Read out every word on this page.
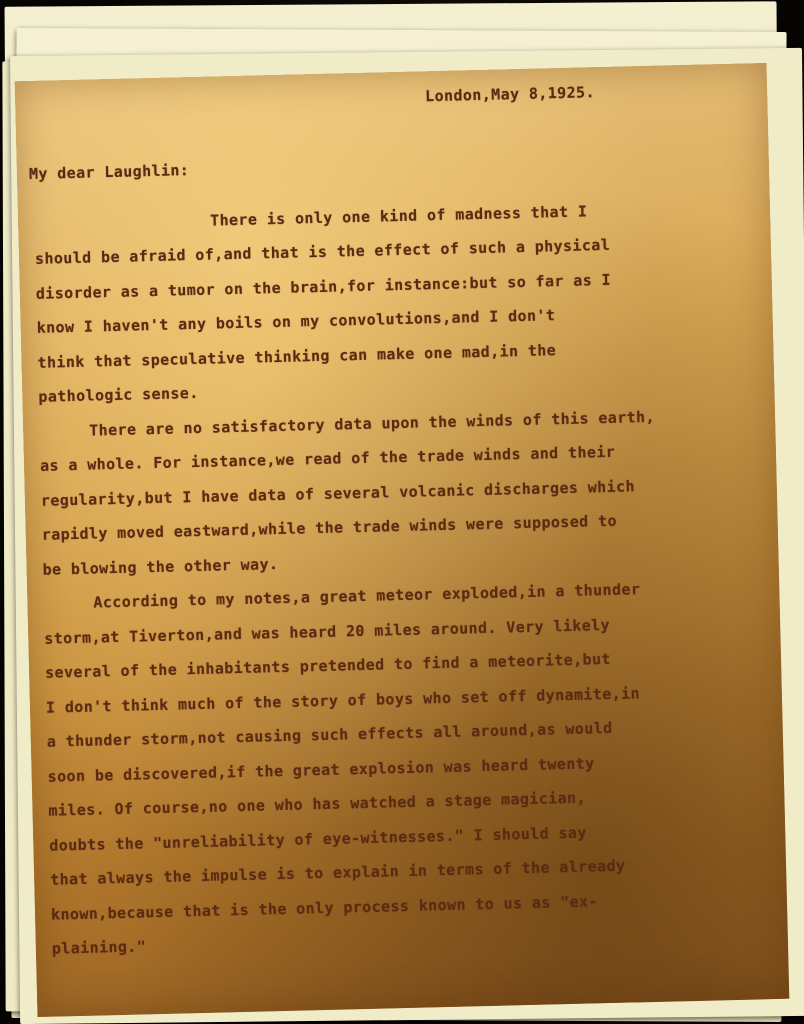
London,May 8,1925.
My dear Laughlin:
There is only one kind of madness that I
should be afraid of,and that is the effect of such a physical
disorder as a tumor on the brain,for instance:but so far as I
know I haven't any boils on my convolutions,and I don't
think that speculative thinking can make one mad,in the
pathologic sense.
There are no satisfactory data upon the winds of this earth,
as a whole. For instance,we read of the trade winds and their
regularity,but I have data of several volcanic discharges which
rapidly moved eastward,while the trade winds were supposed to
be blowing the other way.
According to my notes,a great meteor exploded,in a thunder
storm,at Tiverton,and was heard 20 miles around. Very likely
several of the inhabitants pretended to find a meteorite,but
I don't think much of the story of boys who set off dynamite,in
a thunder storm,not causing such effects all around,as would
soon be discovered,if the great explosion was heard twenty
miles. Of course,no one who has watched a stage magician,
doubts the "unreliability of eye-witnesses." I should say
that always the impulse is to explain in terms of the already
known,because that is the only process known to us as "ex-
plaining."
